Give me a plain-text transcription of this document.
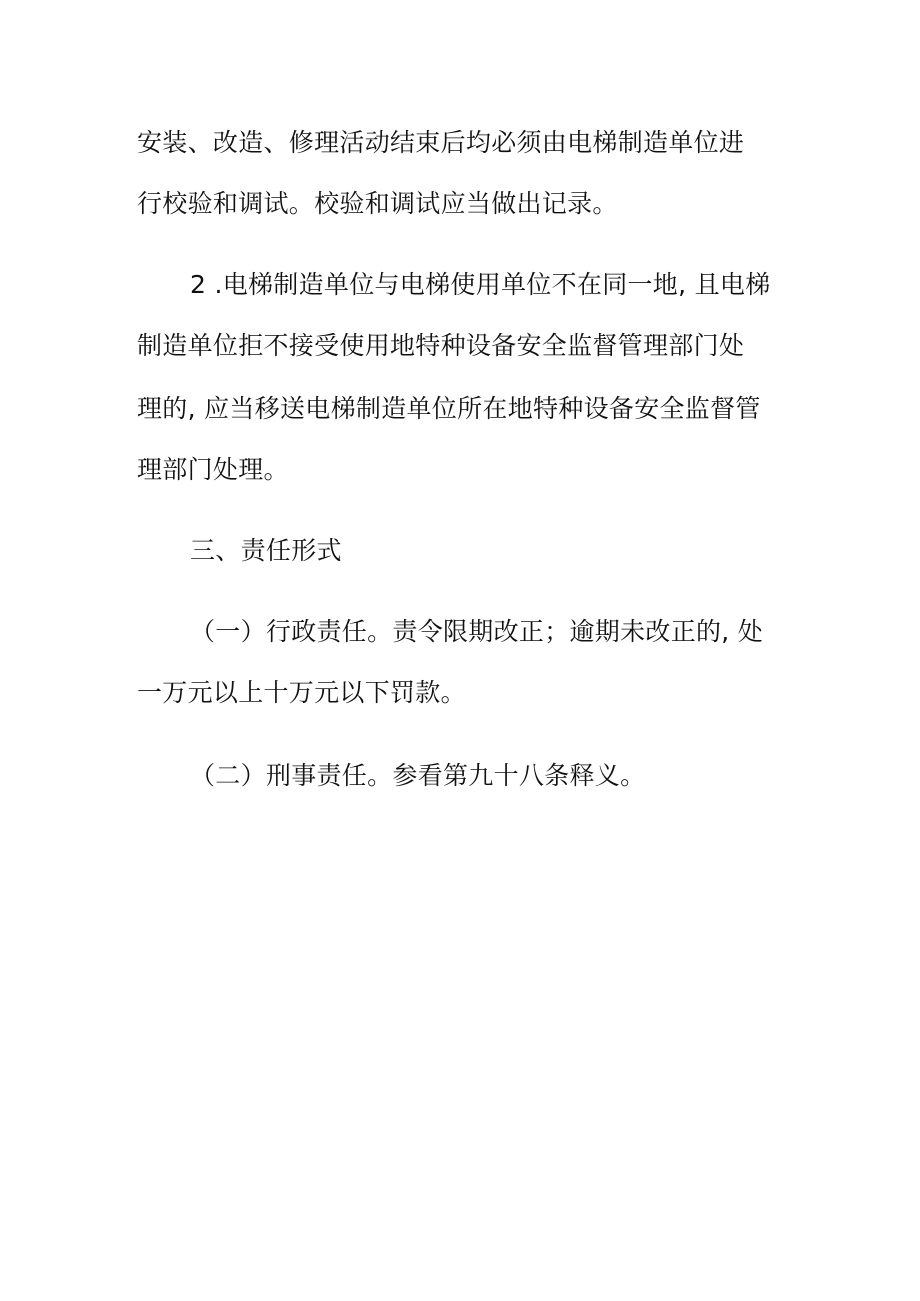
安装、改造、修理活动结束后均必须由电梯制造单位进
行校验和调试。校验和调试应当做出记录。
2 .电梯制造单位与电梯使用单位不在同一地, 且电梯
制造单位拒不接受使用地特种设备安全监督管理部门处
理的, 应当移送电梯制造单位所在地特种设备安全监督管
理部门处理。
三、责任形式
（一）行政责任。责令限期改正；逾期未改正的, 处
一万元以上十万元以下罚款。
（二）刑事责任。参看第九十八条释义。
